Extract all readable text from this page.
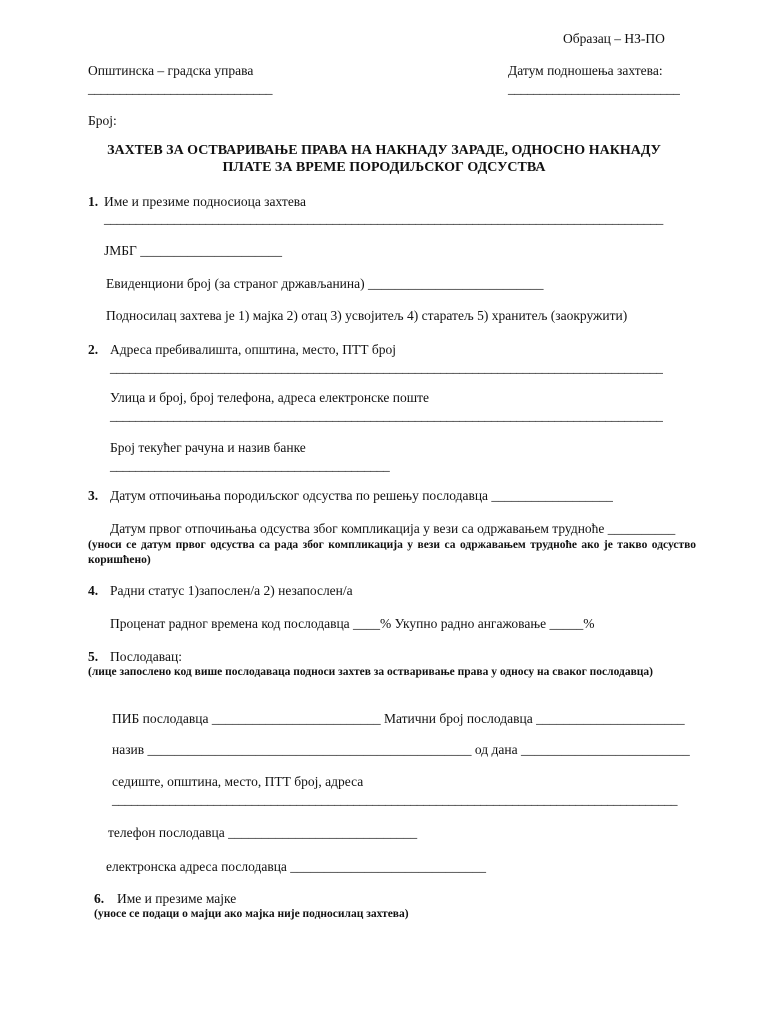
Образац – НЗ-ПО
Општинска – градска управа
_____________________________
Датум подношења захтева:
___________________________
Број:
ЗАХТЕВ ЗА ОСТВАРИВАЊЕ ПРАВА НА НАКНАДУ ЗАРАДЕ, ОДНОСНО НАКНАДУ
ПЛАТЕ ЗА ВРЕМЕ ПОРОДИЉСКОГ ОДСУСТВА
1. Име и презиме подносиоца захтева
________________________________________________________________________________________
ЈМБГ _____________________
Евиденциони број (за страног држављанина) __________________________
Подносилац захтева је 1) мајка 2) отац 3) усвојитељ 4) старатељ 5) хранитељ (заокружити)
2. Адреса пребивалишта, општина, место, ПТТ број
_______________________________________________________________________________________
Улица и број, број телефона, адреса електронске поште
_______________________________________________________________________________________
Број текућег рачуна и назив банке
____________________________________________
3. Датум отпочињања породиљског одсуства по решењу послодавца __________________
Датум првог отпочињања одсуства због компликација у вези са одржавањем трудноће __________
(уноси се датум првог одсуства са рада због компликација у вези са одржавањем трудноће ако је такво одсуство коришћено)
4. Радни статус 1)запослен/а 2) незапослен/а
Проценат радног времена код послодавца ____% Укупно радно ангажовање _____%
5. Послодавац:
(лице запослено код више послодаваца подноси захтев за остваривање права у односу на сваког послодавца)
ПИБ послодавца _________________________ Матични број послодавца ______________________
назив ________________________________________________ од дана _________________________
седиште, општина, место, ПТТ број, адреса
_________________________________________________________________________________________
телефон послодавца ____________________________
електронска адреса послодавца _____________________________
6. Име и презиме мајке
(уносе се подаци о мајци ако мајка није подносилац захтева)
